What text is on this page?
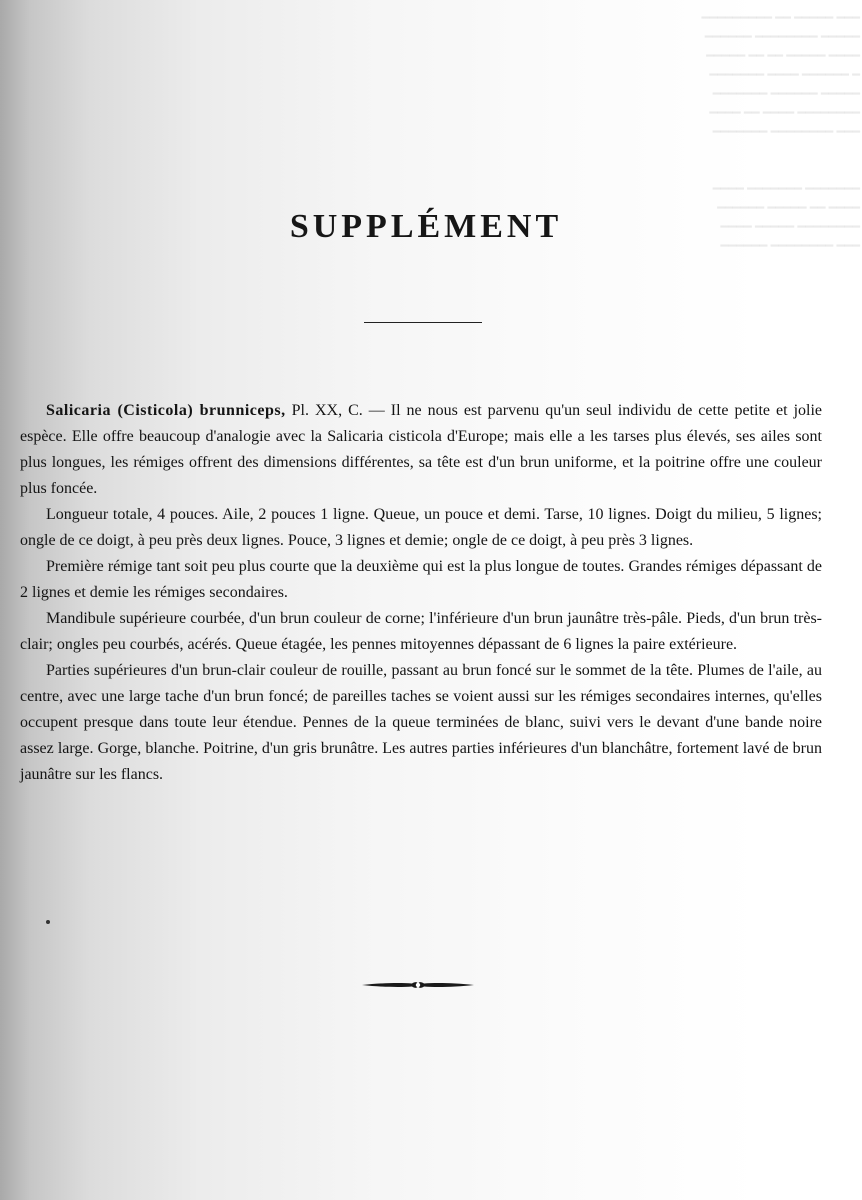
━━━ ━━━━━ ━━ ━━━━━━━━━
━━━━━ ━━━━━━━━ ━━━━━━
━━━━ ━━━━━ ━━ ━━ ━━━━━
━ ━━━━━━ ━━━━ ━━━━━━━
━━━━━ ━━━━━━ ━━━━━━━
━━━━━━━━ ━━━━ ━━ ━━━━
━━━ ━━━━━━━━ ━━━━━━━

━━━━━━━ ━━━━━━━ ━━━━
━━━━ ━━ ━━━━━ ━━━━━━
━━━━━━━━ ━━━━━ ━━━━
━━━ ━━━━━━━━ ━━━━━━
SUPPLÉMENT

Salicaria (Cisticola) brunniceps, Pl. XX, C. — Il ne nous est parvenu qu'un seul individu de cette petite et jolie espèce. Elle offre beaucoup d'analogie avec la Salicaria cisticola d'Europe; mais elle a les tarses plus élevés, ses ailes sont plus longues, les rémiges offrent des dimensions différentes, sa tête est d'un brun uniforme, et la poitrine offre une couleur plus foncée.

Longueur totale, 4 pouces. Aile, 2 pouces 1 ligne. Queue, un pouce et demi. Tarse, 10 lignes. Doigt du milieu, 5 lignes; ongle de ce doigt, à peu près deux lignes. Pouce, 3 lignes et demie; ongle de ce doigt, à peu près 3 lignes.

Première rémige tant soit peu plus courte que la deuxième qui est la plus longue de toutes. Grandes rémiges dépassant de 2 lignes et demie les rémiges secondaires.

Mandibule supérieure courbée, d'un brun couleur de corne; l'inférieure d'un brun jaunâtre très-pâle. Pieds, d'un brun très-clair; ongles peu courbés, acérés. Queue étagée, les pennes mitoyennes dépassant de 6 lignes la paire extérieure.

Parties supérieures d'un brun-clair couleur de rouille, passant au brun foncé sur le sommet de la tête. Plumes de l'aile, au centre, avec une large tache d'un brun foncé; de pareilles taches se voient aussi sur les rémiges secondaires internes, qu'elles occupent presque dans toute leur étendue. Pennes de la queue terminées de blanc, suivi vers le devant d'une bande noire assez large. Gorge, blanche. Poitrine, d'un gris brunâtre. Les autres parties inférieures d'un blanchâtre, fortement lavé de brun jaunâtre sur les flancs.
